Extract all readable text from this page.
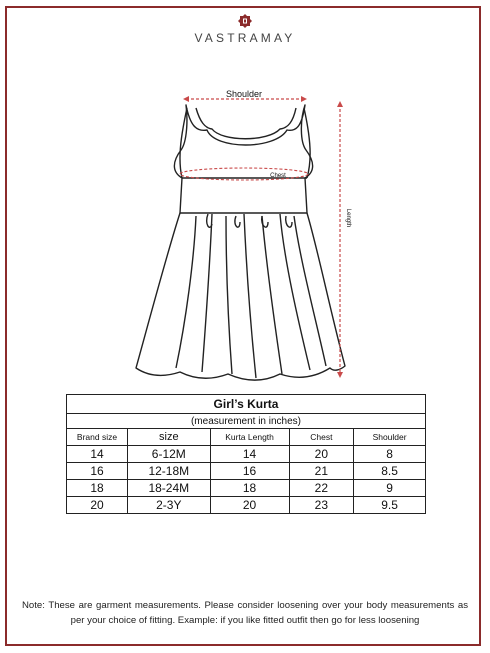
VASTRAMAY
Shoulder
Chest
Length
Girl’s Kurta				
(measurement in inches)				
Brand size	size	Kurta Length	Chest	Shoulder
14	6-12M	14	20	8
16	12-18M	16	21	8.5
18	18-24M	18	22	9
20	2-3Y	20	23	9.5
Note: These are garment measurements. Please consider loosening over your body measurements as per your choice of fitting. Example: if you like fitted outfit then go for less loosening
